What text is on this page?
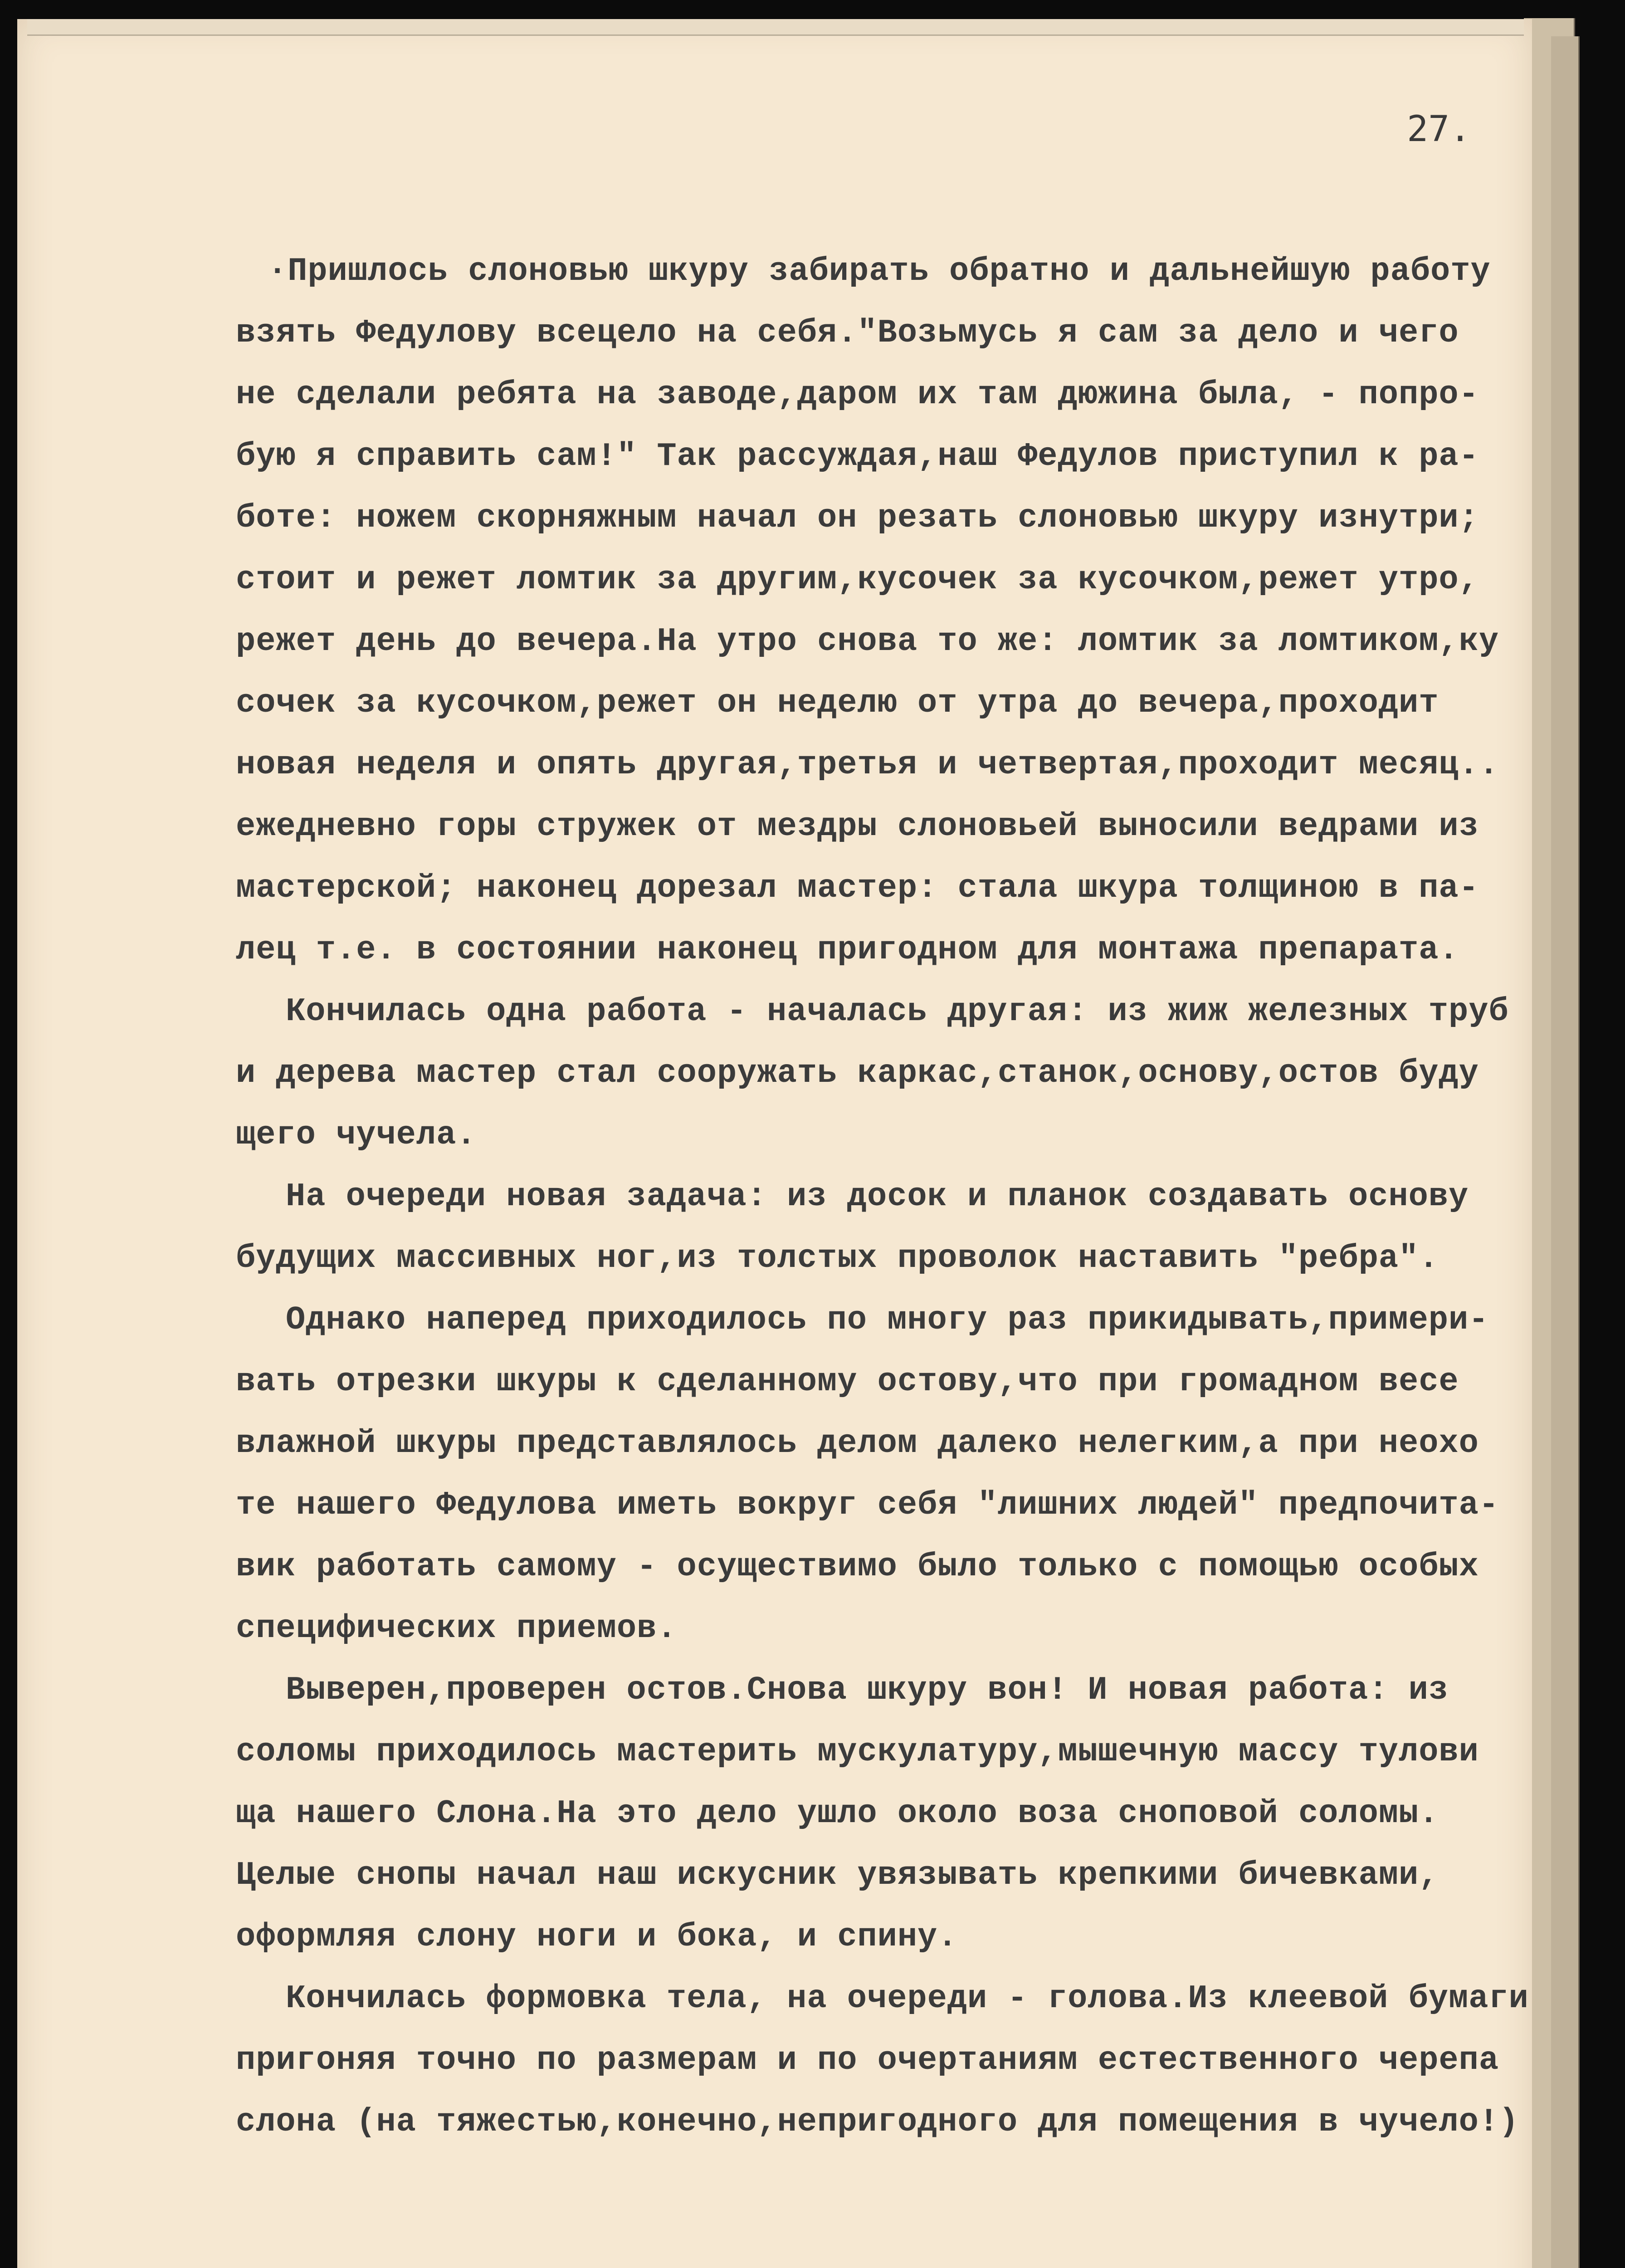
27.
·Пришлось слоновью шкуру забирать обратно и дальнейшую работу
взять Федулову всецело на себя."Возьмусь я сам за дело и чего
не сделали ребята на заводе,даром их там дюжина была, - попро-
бую я справить сам!" Так рассуждая,наш Федулов приступил к ра-
боте: ножем скорняжным начал он резать слоновью шкуру изнутри;
стоит и режет ломтик за другим,кусочек за кусочком,режет утро,
режет день до вечера.На утро снова то же: ломтик за ломтиком,ку
сочек за кусочком,режет он неделю от утра до вечера,проходит
новая неделя и опять другая,третья и четвертая,проходит месяц..
ежедневно горы стружек от мездры слоновьей выносили ведрами из
мастерской; наконец дорезал мастер: стала шкура толщиною в па-
лец т.е. в состоянии наконец пригодном для монтажа препарата.
Кончилась одна работа - началась другая: из жиж железных труб
и дерева мастер стал сооружать каркас,станок,основу,остов буду
щего чучела.
На очереди новая задача: из досок и планок создавать основу
будущих массивных ног,из толстых проволок наставить "ребра".
Однако наперед приходилось по многу раз прикидывать,примери-
вать отрезки шкуры к сделанному остову,что при громадном весе
влажной шкуры представлялось делом далеко нелегким,а при неохо
те нашего Федулова иметь вокруг себя "лишних людей" предпочита-
вик работать самому - осуществимо было только с помощью особых
специфических приемов.
Выверен,проверен остов.Снова шкуру вон! И новая работа: из
соломы приходилось мастерить мускулатуру,мышечную массу тулови
ща нашего Слона.На это дело ушло около воза сноповой соломы.
Целые снопы начал наш искусник увязывать крепкими бичевками,
оформляя слону ноги и бока, и спину.
Кончилась формовка тела, на очереди - голова.Из клеевой бумаги
пригоняя точно по размерам и по очертаниям естественного черепа
слона (на тяжестью,конечно,непригодного для помещения в чучело!)
